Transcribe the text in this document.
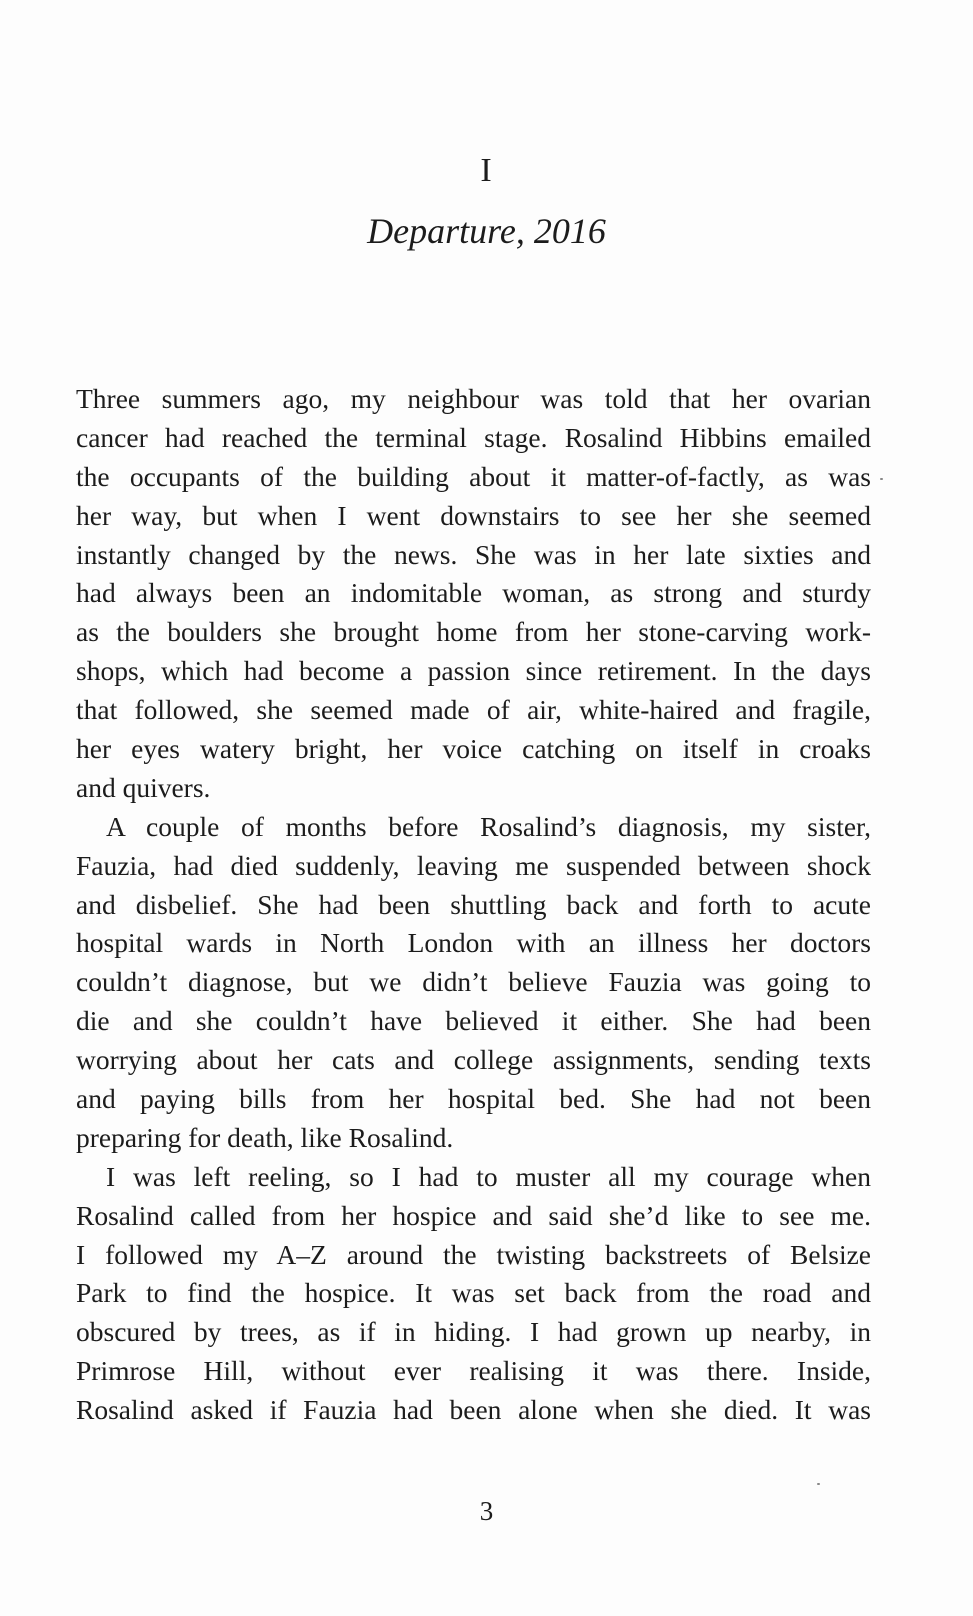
I
Departure, 2016

Three summers ago, my neighbour was told that her ovarian
cancer had reached the terminal stage. Rosalind Hibbins emailed
the occupants of the building about it matter-of-factly, as was
her way, but when I went downstairs to see her she seemed
instantly changed by the news. She was in her late sixties and
had always been an indomitable woman, as strong and sturdy
as the boulders she brought home from her stone-carving work-
shops, which had become a passion since retirement. In the days
that followed, she seemed made of air, white-haired and fragile,
her eyes watery bright, her voice catching on itself in croaks
and quivers.

A couple of months before Rosalind’s diagnosis, my sister,
Fauzia, had died suddenly, leaving me suspended between shock
and disbelief. She had been shuttling back and forth to acute
hospital wards in North London with an illness her doctors
couldn’t diagnose, but we didn’t believe Fauzia was going to
die and she couldn’t have believed it either. She had been
worrying about her cats and college assignments, sending texts
and paying bills from her hospital bed. She had not been
preparing for death, like Rosalind.

I was left reeling, so I had to muster all my courage when
Rosalind called from her hospice and said she’d like to see me.
I followed my A–Z around the twisting backstreets of Belsize
Park to find the hospice. It was set back from the road and
obscured by trees, as if in hiding. I had grown up nearby, in
Primrose Hill, without ever realising it was there. Inside,
Rosalind asked if Fauzia had been alone when she died. It was

3
